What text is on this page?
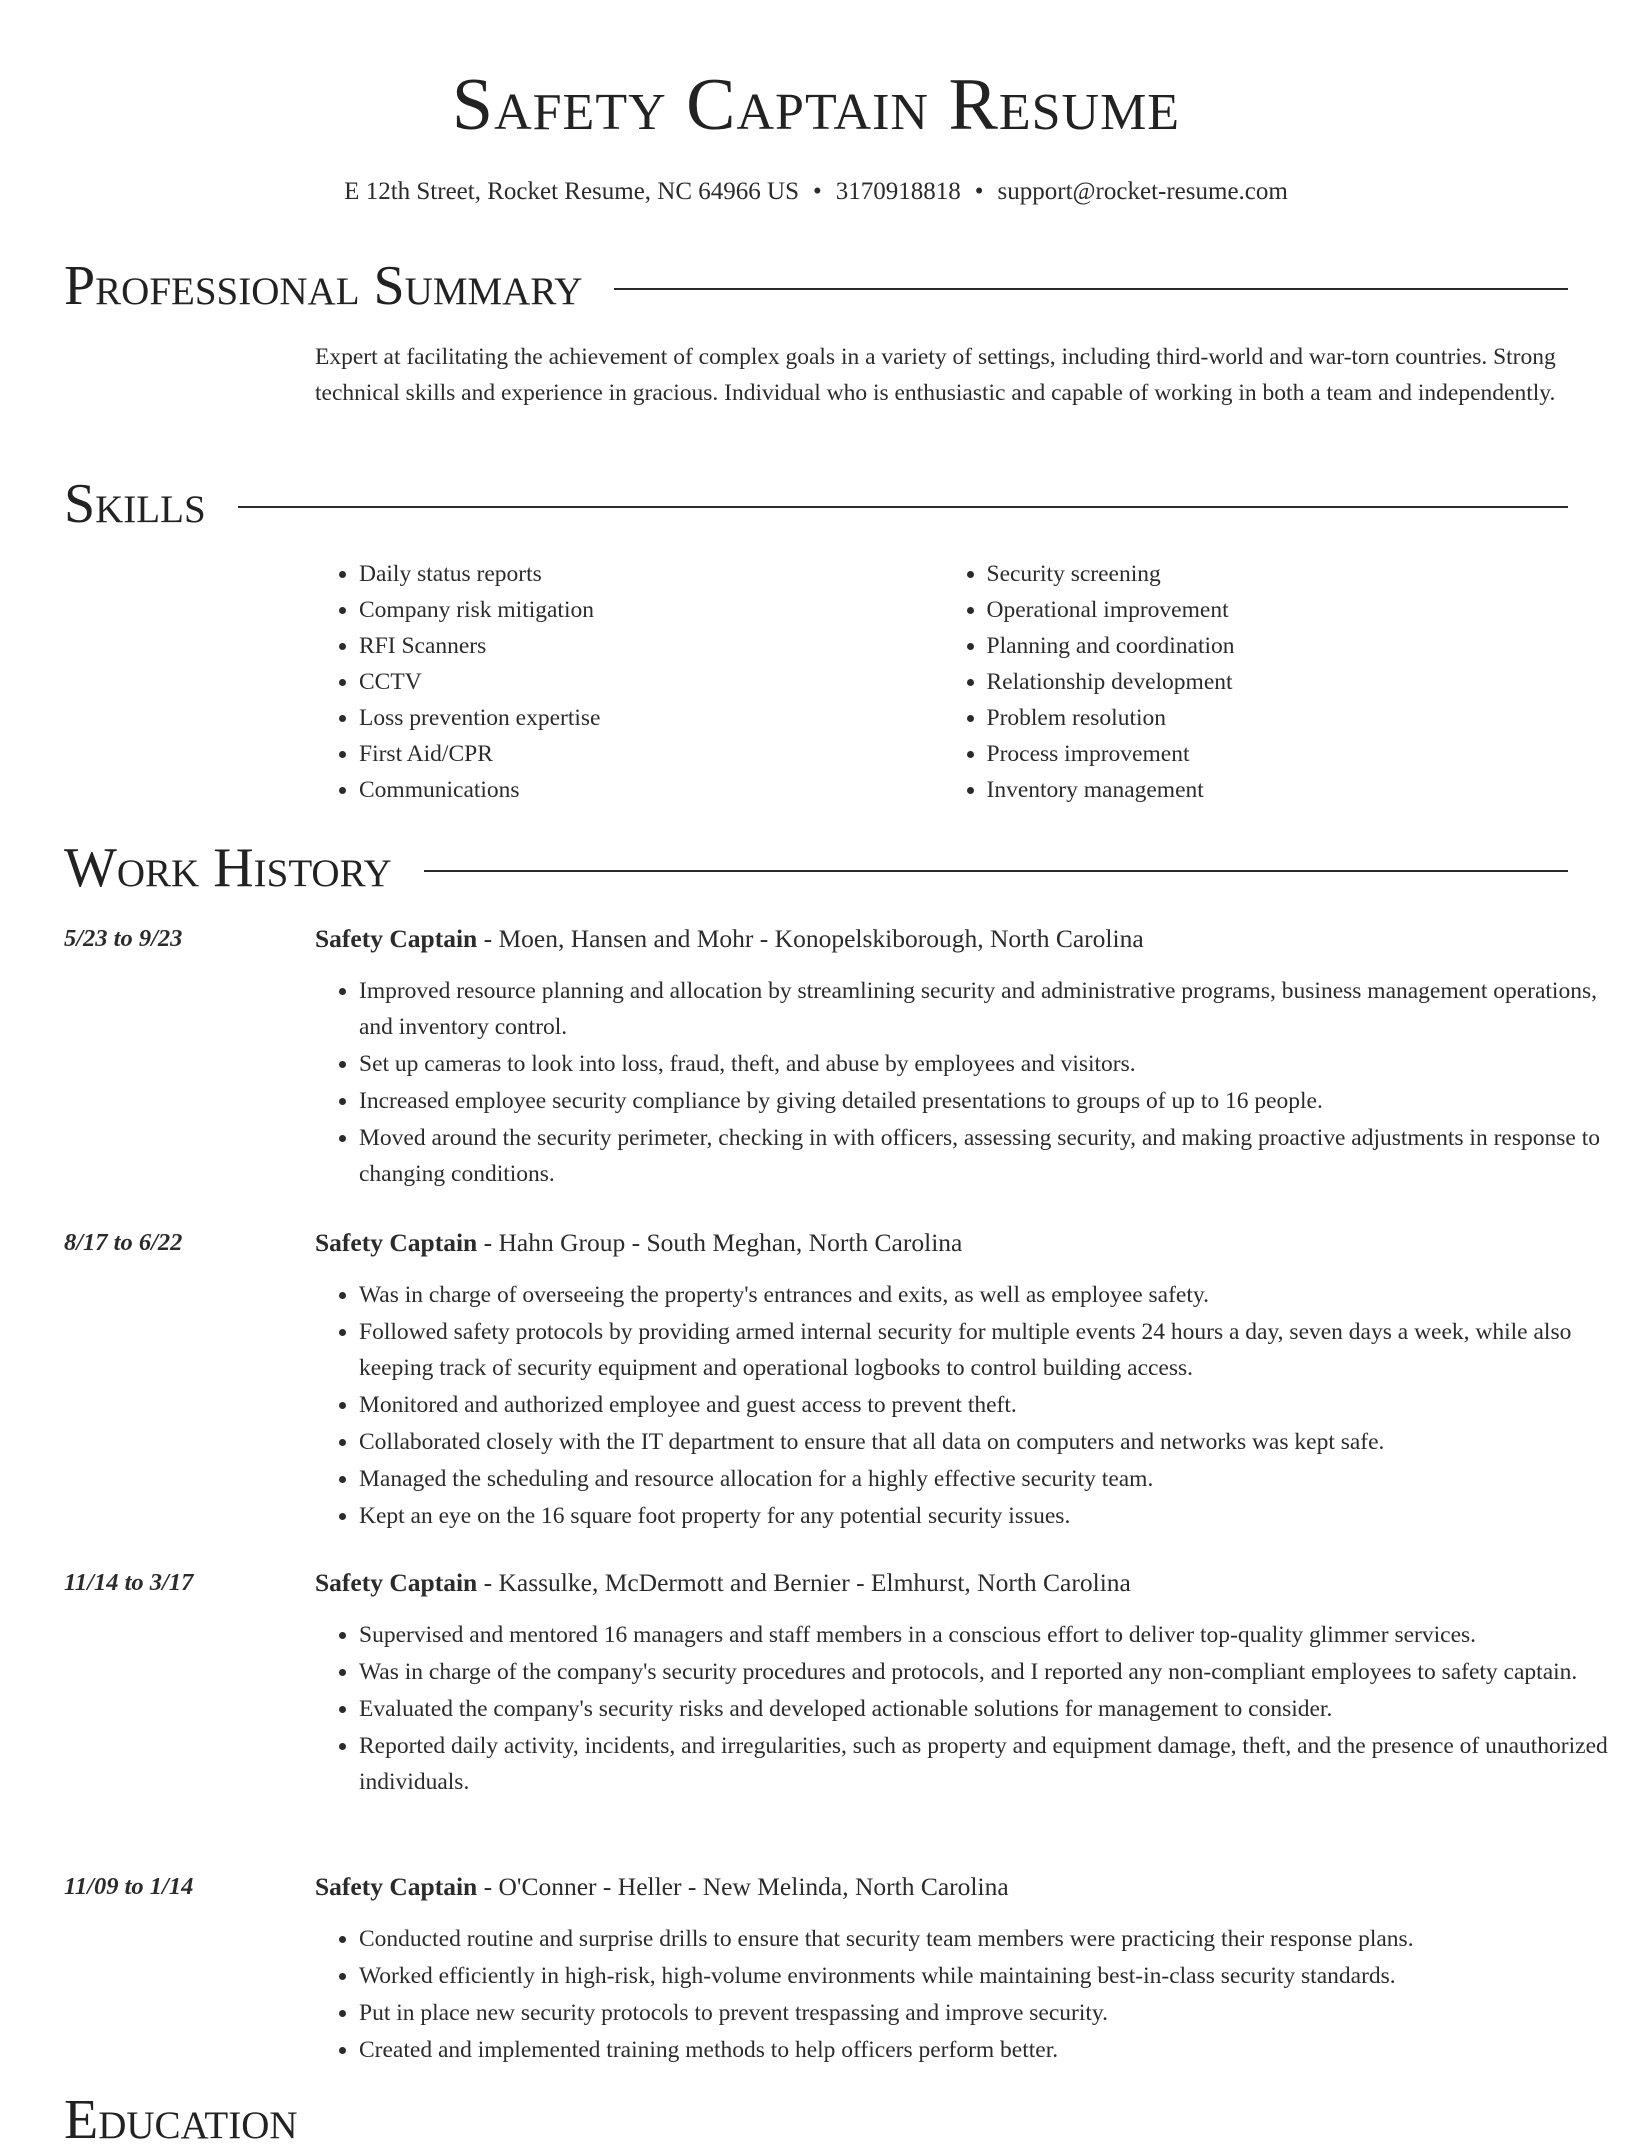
Safety Captain Resume
E 12th Street, Rocket Resume, NC 64966 US • 3170918818 • support@rocket-resume.com
Professional Summary

Expert at facilitating the achievement of complex goals in a variety of settings, including third-world and war-torn countries. Strong technical skills and experience in gracious. Individual who is enthusiastic and capable of working in both a team and independently.

Skills
• Daily status reports
• Company risk mitigation
• RFI Scanners
• CCTV
• Loss prevention expertise
• First Aid/CPR
• Communications
• Security screening
• Operational improvement
• Planning and coordination
• Relationship development
• Problem resolution
• Process improvement
• Inventory management
Work History
5/23 to 9/23	Safety Captain - Moen, Hansen and Mohr - Konopelskiborough, North Carolina
• Improved resource planning and allocation by streamlining security and administrative programs, business management operations, and inventory control.
• Set up cameras to look into loss, fraud, theft, and abuse by employees and visitors.
• Increased employee security compliance by giving detailed presentations to groups of up to 16 people.
• Moved around the security perimeter, checking in with officers, assessing security, and making proactive adjustments in response to changing conditions.
8/17 to 6/22	Safety Captain - Hahn Group - South Meghan, North Carolina
• Was in charge of overseeing the property's entrances and exits, as well as employee safety.
• Followed safety protocols by providing armed internal security for multiple events 24 hours a day, seven days a week, while also keeping track of security equipment and operational logbooks to control building access.
• Monitored and authorized employee and guest access to prevent theft.
• Collaborated closely with the IT department to ensure that all data on computers and networks was kept safe.
• Managed the scheduling and resource allocation for a highly effective security team.
• Kept an eye on the 16 square foot property for any potential security issues.
11/14 to 3/17	Safety Captain - Kassulke, McDermott and Bernier - Elmhurst, North Carolina
• Supervised and mentored 16 managers and staff members in a conscious effort to deliver top-quality glimmer services.
• Was in charge of the company's security procedures and protocols, and I reported any non-compliant employees to safety captain.
• Evaluated the company's security risks and developed actionable solutions for management to consider.
• Reported daily activity, incidents, and irregularities, such as property and equipment damage, theft, and the presence of unauthorized individuals.
11/09 to 1/14	Safety Captain - O'Conner - Heller - New Melinda, North Carolina
• Conducted routine and surprise drills to ensure that security team members were practicing their response plans.
• Worked efficiently in high-risk, high-volume environments while maintaining best-in-class security standards.
• Put in place new security protocols to prevent trespassing and improve security.
• Created and implemented training methods to help officers perform better.
Education
